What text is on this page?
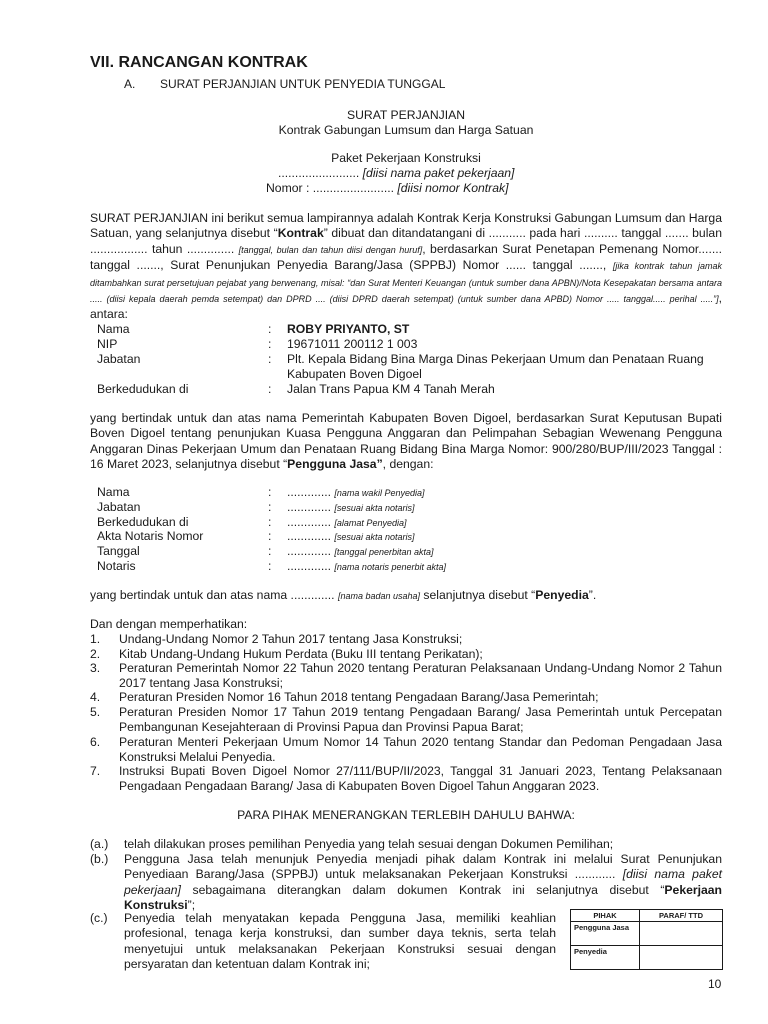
VII. RANCANGAN KONTRAK
A. SURAT PERJANJIAN UNTUK PENYEDIA TUNGGAL
SURAT PERJANJIAN
Kontrak Gabungan Lumsum dan Harga Satuan
Paket Pekerjaan Konstruksi
........................ [diisi nama paket pekerjaan]
Nomor : ........................ [diisi nomor Kontrak]
SURAT PERJANJIAN ini berikut semua lampirannya adalah Kontrak Kerja Konstruksi Gabungan Lumsum dan Harga Satuan, yang selanjutnya disebut “Kontrak” dibuat dan ditandatangani di ........... pada hari .......... tanggal ....... bulan ................. tahun .............. [tanggal, bulan dan tahun diisi dengan huruf], berdasarkan Surat Penetapan Pemenang Nomor....... tanggal ......., Surat Penunjukan Penyedia Barang/Jasa (SPPBJ) Nomor ...... tanggal ......., [jika kontrak tahun jamak ditambahkan surat persetujuan pejabat yang berwenang, misal: “dan Surat Menteri Keuangan (untuk sumber dana APBN)/Nota Kesepakatan bersama antara ..... (diisi kepala daerah pemda setempat) dan DPRD .... (diisi DPRD daerah setempat) (untuk sumber dana APBD) Nomor ..... tanggal..... perihal .....”], antara:
Nama	: ROBY PRIYANTO, ST
NIP	: 19671011 200112 1 003
Jabatan	: Plt. Kepala Bidang Bina Marga Dinas Pekerjaan Umum dan Penataan Ruang Kabupaten Boven Digoel
Berkedudukan di	: Jalan Trans Papua KM 4 Tanah Merah
yang bertindak untuk dan atas nama Pemerintah Kabupaten Boven Digoel, berdasarkan Surat Keputusan Bupati Boven Digoel tentang penunjukan Kuasa Pengguna Anggaran dan Pelimpahan Sebagian Wewenang Pengguna Anggaran Dinas Pekerjaan Umum dan Penataan Ruang Bidang Bina Marga Nomor: 900/280/BUP/III/2023 Tanggal : 16 Maret 2023, selanjutnya disebut “Pengguna Jasa”, dengan:
Nama	: ............. [nama wakil Penyedia]
Jabatan	: ............. [sesuai akta notaris]
Berkedudukan di	: ............. [alamat Penyedia]
Akta Notaris Nomor	: ............. [sesuai akta notaris]
Tanggal	: ............. [tanggal penerbitan akta]
Notaris	: ............. [nama notaris penerbit akta]
yang bertindak untuk dan atas nama ............. [nama badan usaha] selanjutnya disebut “Penyedia”.
Dan dengan memperhatikan:
1.	Undang-Undang Nomor 2 Tahun 2017 tentang Jasa Konstruksi;
2.	Kitab Undang-Undang Hukum Perdata (Buku III tentang Perikatan);
3.	Peraturan Pemerintah Nomor 22 Tahun 2020 tentang Peraturan Pelaksanaan Undang-Undang Nomor 2 Tahun 2017 tentang Jasa Konstruksi;
4.	Peraturan Presiden Nomor 16 Tahun 2018 tentang Pengadaan Barang/Jasa Pemerintah;
5.	Peraturan Presiden Nomor 17 Tahun 2019 tentang Pengadaan Barang/ Jasa Pemerintah untuk Percepatan Pembangunan Kesejahteraan di Provinsi Papua dan Provinsi Papua Barat;
6.	Peraturan Menteri Pekerjaan Umum Nomor 14 Tahun 2020 tentang Standar dan Pedoman Pengadaan Jasa Konstruksi Melalui Penyedia.
7.	Instruksi Bupati Boven Digoel Nomor 27/111/BUP/II/2023, Tanggal 31 Januari 2023, Tentang Pelaksanaan Pengadaan Pengadaan Barang/ Jasa di Kabupaten Boven Digoel Tahun Anggaran 2023.
PARA PIHAK MENERANGKAN TERLEBIH DAHULU BAHWA:
(a.) telah dilakukan proses pemilihan Penyedia yang telah sesuai dengan Dokumen Pemilihan;
(b.) Pengguna Jasa telah menunjuk Penyedia menjadi pihak dalam Kontrak ini melalui Surat Penunjukan Penyediaan Barang/Jasa (SPPBJ) untuk melaksanakan Pekerjaan Konstruksi ............ [diisi nama paket pekerjaan] sebagaimana diterangkan dalam dokumen Kontrak ini selanjutnya disebut “Pekerjaan Konstruksi”;
(c.) Penyedia telah menyatakan kepada Pengguna Jasa, memiliki keahlian profesional, tenaga kerja konstruksi, dan sumber daya teknis, serta telah menyetujui untuk melaksanakan Pekerjaan Konstruksi sesuai dengan persyaratan dan ketentuan dalam Kontrak ini;
PIHAK	PARAF/ TTD
Pengguna Jasa	
Penyedia	
10
